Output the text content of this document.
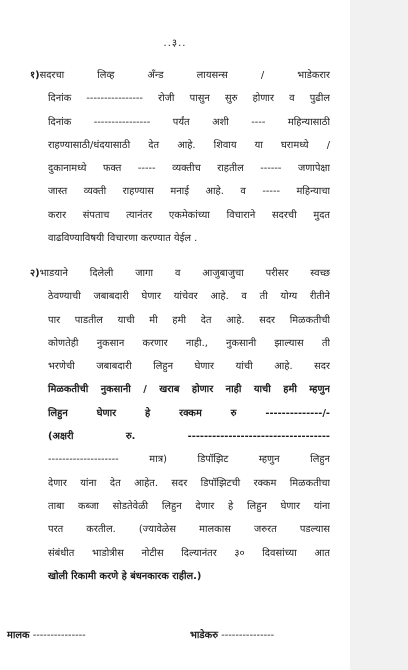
..३..
१)सदरचा लिव्ह अँन्ड लायसन्स / भाडेकरार
दिनांक ---------------- रोजी पासुन सुरु होणार व पुढील
दिनांक ---------------- पर्यंत अशी ---- महिन्यासाठी
राहण्यासाठी/धंदयासाठी देत आहे. शिवाय या घरामध्ये /
दुकानामध्ये फक्त ----- व्यक्तीच राहतील ------ जणापेक्षा
जास्त व्यक्ती राहण्यास मनाई आहे. व ----- महिन्याचा
करार संपताच त्यानंतर एकमेकांच्या विचाराने सदरची मुदत
वाढविण्याविषयी विचारणा करण्यात येईल .
२)भाडयाने दिलेली जागा व आजुबाजुचा परीसर स्वच्छ
ठेवण्याची जबाबदारी घेणार यांचेवर आहे. व ती योग्य रीतीने
पार पाडतील याची मी हमी देत आहे. सदर मिळकतीची
कोणतेही नुकसान करणार नाही., नुकसानी झाल्यास ती
भरणेची जबाबदारी लिहुन घेणार यांची आहे. सदर
मिळकतीची नुकसानी / खराब होणार नाही याची हमी म्हणुन
लिहुन घेणार हे रक्कम रु --------------/-
(अक्षरी रु. -----------------------------------
-------------------- मात्र) डिपॉझिट म्हणुन लिहुन
देणार यांना देत आहेत. सदर डिपॉझिटची रक्कम मिळकतीचा
ताबा कब्जा सोडतेवेळी लिहुन देणार हे लिहुन घेणार यांना
परत करतील. (ज्यावेळेस मालकास जरुरत पडल्यास
संबंधीत भाडोत्रीस नोटीस दिल्यानंतर ३० दिवसांच्या आत
खोली रिकामी करणे हे बंधनकारक राहील.)
मालक ---------------	भाडेकरु ---------------
